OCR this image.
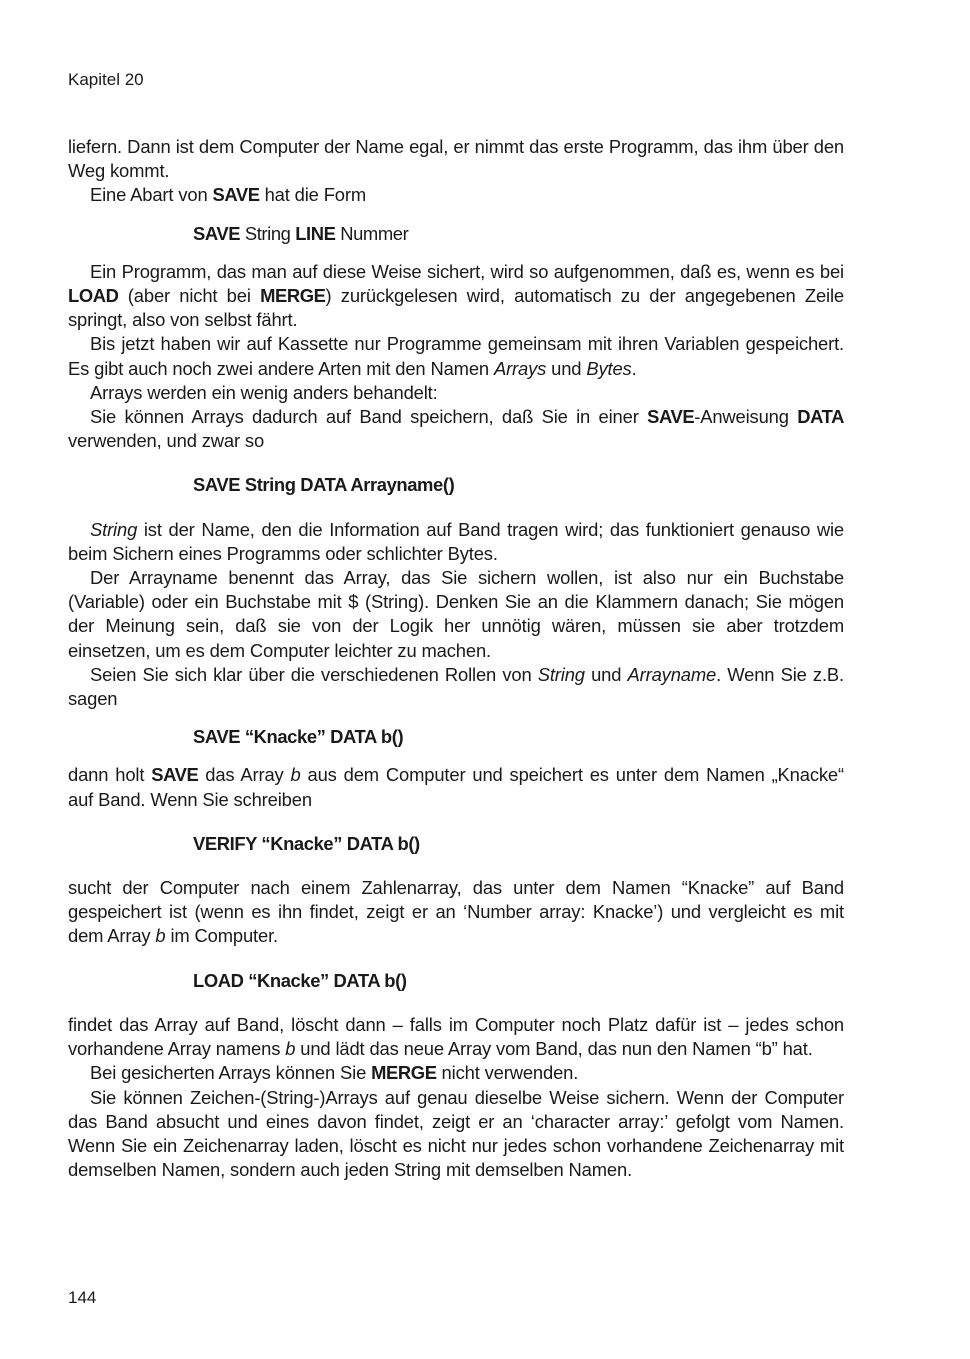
Kapitel 20

liefern. Dann ist dem Computer der Name egal, er nimmt das erste Programm, das ihm über den Weg kommt.

Eine Abart von SAVE hat die Form

SAVE String LINE Nummer

Ein Programm, das man auf diese Weise sichert, wird so aufgenommen, daß es, wenn es bei LOAD (aber nicht bei MERGE) zurückgelesen wird, automatisch zu der angegebenen Zeile springt, also von selbst fährt.

Bis jetzt haben wir auf Kassette nur Programme gemeinsam mit ihren Variablen gespeichert. Es gibt auch noch zwei andere Arten mit den Namen Arrays und Bytes.

Arrays werden ein wenig anders behandelt:

Sie können Arrays dadurch auf Band speichern, daß Sie in einer SAVE-Anweisung DATA verwenden, und zwar so

SAVE String DATA Arrayname()

String ist der Name, den die Information auf Band tragen wird; das funktioniert genauso wie beim Sichern eines Programms oder schlichter Bytes.

Der Arrayname benennt das Array, das Sie sichern wollen, ist also nur ein Buchstabe (Variable) oder ein Buchstabe mit $ (String). Denken Sie an die Klammern danach; Sie mögen der Meinung sein, daß sie von der Logik her unnötig wären, müssen sie aber trotzdem einsetzen, um es dem Computer leichter zu machen.

Seien Sie sich klar über die verschiedenen Rollen von String und Arrayname. Wenn Sie z.B. sagen

SAVE “Knacke” DATA b()

dann holt SAVE das Array b aus dem Computer und speichert es unter dem Namen „Knacke“ auf Band. Wenn Sie schreiben

VERIFY “Knacke” DATA b()

sucht der Computer nach einem Zahlenarray, das unter dem Namen “Knacke” auf Band gespeichert ist (wenn es ihn findet, zeigt er an ‘Number array: Knacke’) und vergleicht es mit dem Array b im Computer.

LOAD “Knacke” DATA b()

findet das Array auf Band, löscht dann – falls im Computer noch Platz dafür ist – jedes schon vorhandene Array namens b und lädt das neue Array vom Band, das nun den Namen “b” hat.

Bei gesicherten Arrays können Sie MERGE nicht verwenden.

Sie können Zeichen-(String-)Arrays auf genau dieselbe Weise sichern. Wenn der Computer das Band absucht und eines davon findet, zeigt er an ‘character array:’ gefolgt vom Namen. Wenn Sie ein Zeichenarray laden, löscht es nicht nur jedes schon vorhandene Zeichenarray mit demselben Namen, sondern auch jeden String mit demselben Namen.

144
